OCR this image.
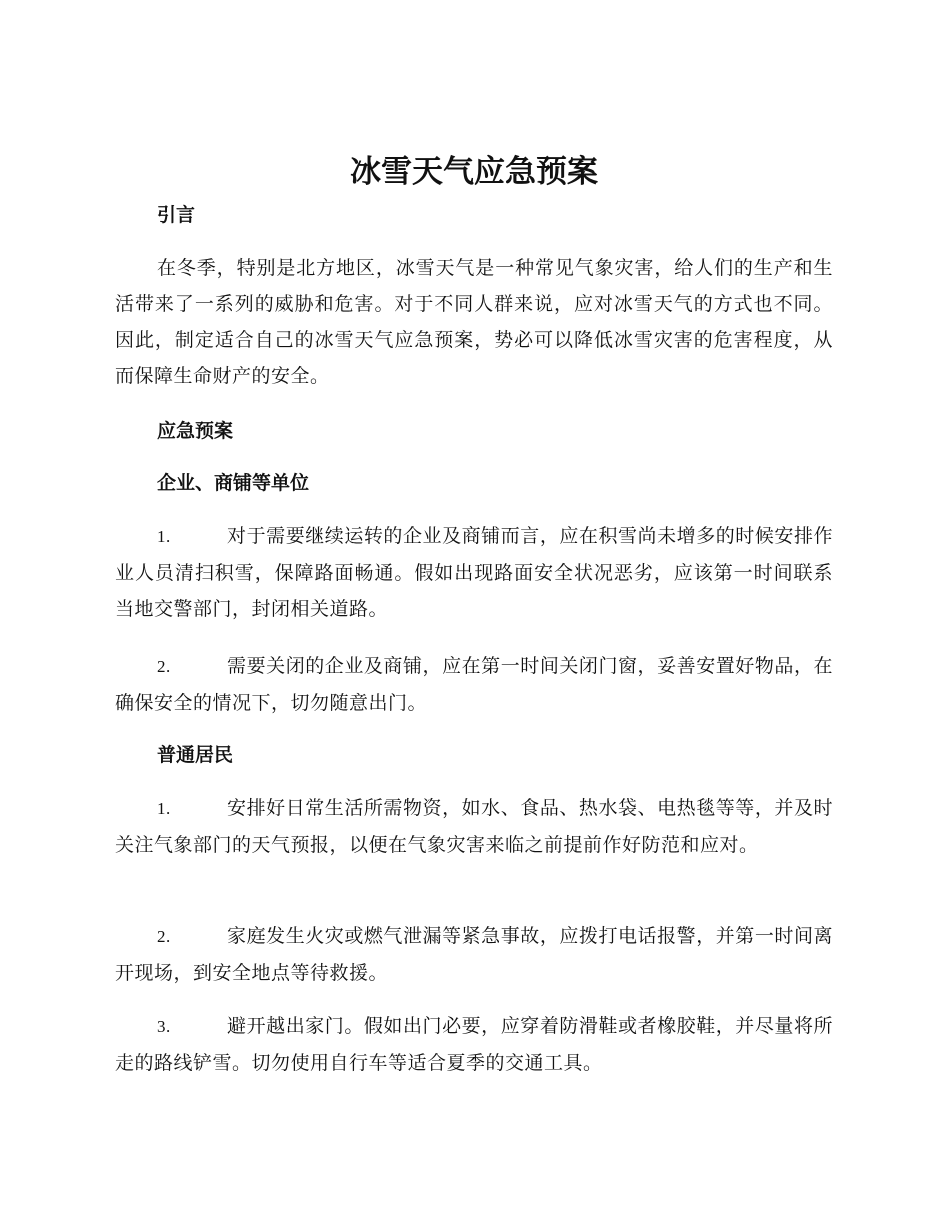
冰雪天气应急预案
引言

在冬季，特别是北方地区，冰雪天气是一种常见气象灾害，给人们的生产和生活带来了一系列的威胁和危害。对于不同人群来说，应对冰雪天气的方式也不同。因此，制定适合自己的冰雪天气应急预案，势必可以降低冰雪灾害的危害程度，从而保障生命财产的安全。

应急预案
企业、商铺等单位

1.	对于需要继续运转的企业及商铺而言，应在积雪尚未增多的时候安排作业人员清扫积雪，保障路面畅通。假如出现路面安全状况恶劣，应该第一时间联系当地交警部门，封闭相关道路。

2.	需要关闭的企业及商铺，应在第一时间关闭门窗，妥善安置好物品，在确保安全的情况下，切勿随意出门。

普通居民

1.	安排好日常生活所需物资，如水、食品、热水袋、电热毯等等，并及时关注气象部门的天气预报，以便在气象灾害来临之前提前作好防范和应对。

2.	家庭发生火灾或燃气泄漏等紧急事故，应拨打电话报警，并第一时间离开现场，到安全地点等待救援。

3.	避开越出家门。假如出门必要，应穿着防滑鞋或者橡胶鞋，并尽量将所走的路线铲雪。切勿使用自行车等适合夏季的交通工具。
